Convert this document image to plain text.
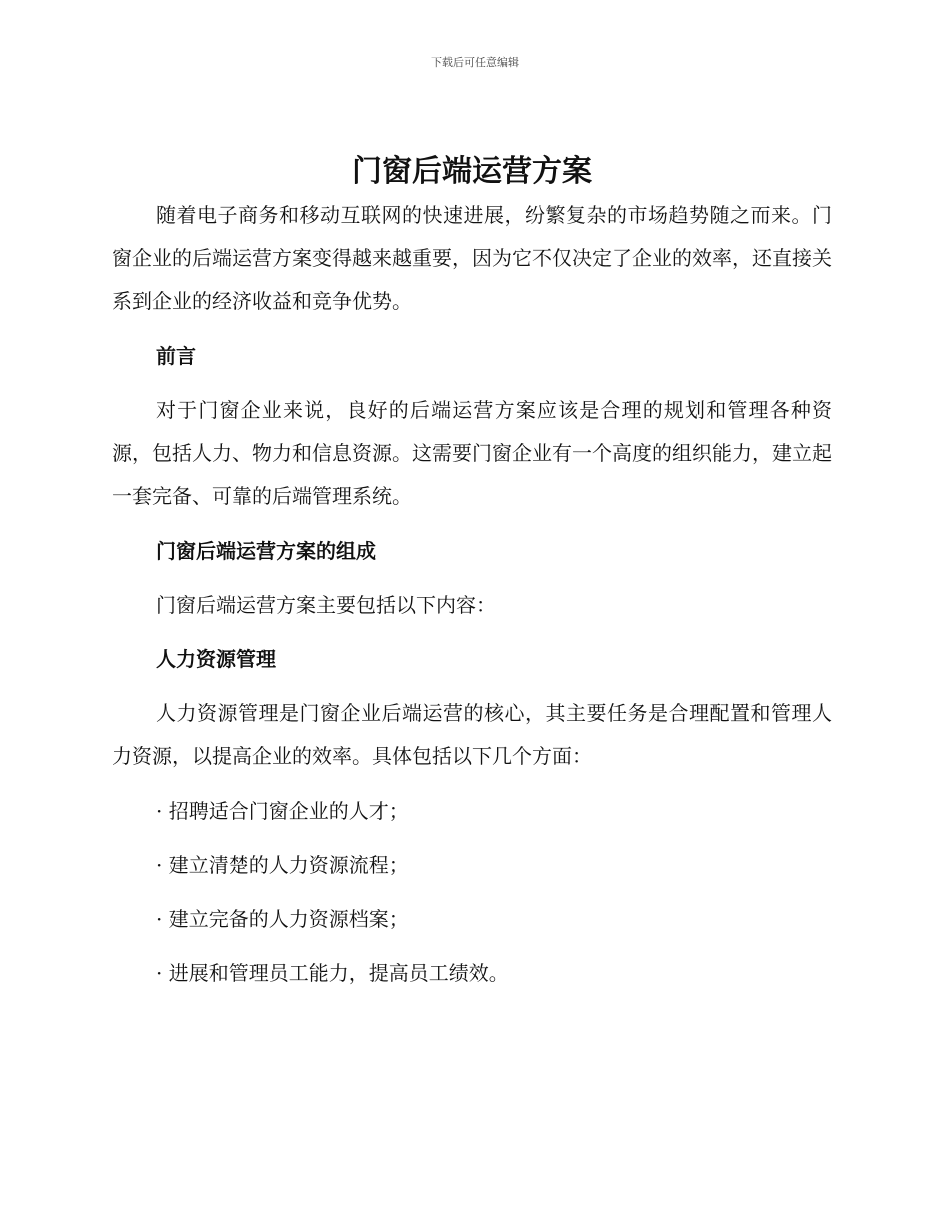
下载后可任意编辑
门窗后端运营方案

随着电子商务和移动互联网的快速进展，纷繁复杂的市场趋势随之而来。门窗企业的后端运营方案变得越来越重要，因为它不仅决定了企业的效率，还直接关系到企业的经济收益和竞争优势。

前言

对于门窗企业来说，良好的后端运营方案应该是合理的规划和管理各种资源，包括人力、物力和信息资源。这需要门窗企业有一个高度的组织能力，建立起一套完备、可靠的后端管理系统。

门窗后端运营方案的组成

门窗后端运营方案主要包括以下内容：

人力资源管理

人力资源管理是门窗企业后端运营的核心，其主要任务是合理配置和管理人力资源，以提高企业的效率。具体包括以下几个方面：

· 招聘适合门窗企业的人才；

· 建立清楚的人力资源流程；

· 建立完备的人力资源档案；

· 进展和管理员工能力，提高员工绩效。
